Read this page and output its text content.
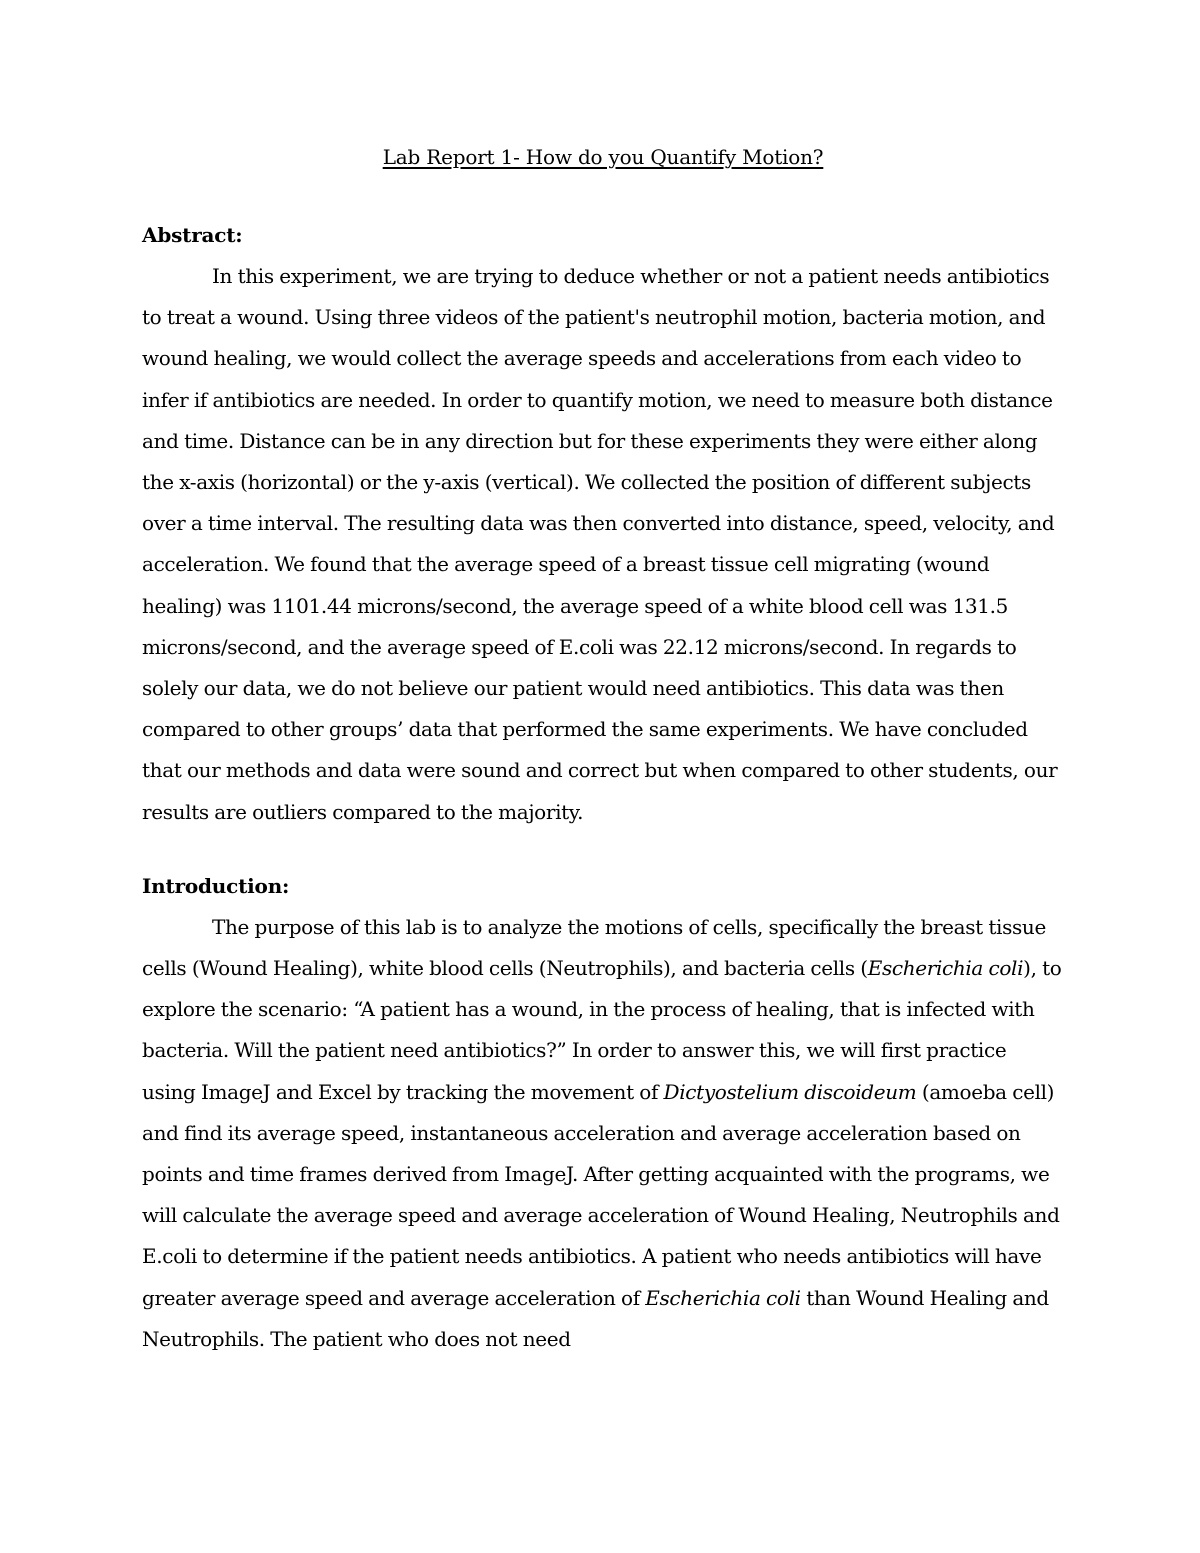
Lab Report 1- How do you Quantify Motion?
Abstract:

In this experiment, we are trying to deduce whether or not a patient needs antibiotics to treat a wound. Using three videos of the patient's neutrophil motion, bacteria motion, and wound healing, we would collect the average speeds and accelerations from each video to infer if antibiotics are needed. In order to quantify motion, we need to measure both distance and time. Distance can be in any direction but for these experiments they were either along the x-axis (horizontal) or the y-axis (vertical). We collected the position of different subjects over a time interval. The resulting data was then converted into distance, speed, velocity, and acceleration. We found that the average speed of a breast tissue cell migrating (wound healing) was 1101.44 microns/second, the average speed of a white blood cell was 131.5 microns/second, and the average speed of E.coli was 22.12 microns/second. In regards to solely our data, we do not believe our patient would need antibiotics. This data was then compared to other groups’ data that performed the same experiments. We have concluded that our methods and data were sound and correct but when compared to other students, our results are outliers compared to the majority.

Introduction:

The purpose of this lab is to analyze the motions of cells, specifically the breast tissue cells (Wound Healing), white blood cells (Neutrophils), and bacteria cells (Escherichia coli), to explore the scenario: “A patient has a wound, in the process of healing, that is infected with bacteria. Will the patient need antibiotics?” In order to answer this, we will first practice using ImageJ and Excel by tracking the movement of Dictyostelium discoideum (amoeba cell) and find its average speed, instantaneous acceleration and average acceleration based on points and time frames derived from ImageJ. After getting acquainted with the programs, we will calculate the average speed and average acceleration of Wound Healing, Neutrophils and E.coli to determine if the patient needs antibiotics. A patient who needs antibiotics will have greater average speed and average acceleration of Escherichia coli than Wound Healing and Neutrophils. The patient who does not need
